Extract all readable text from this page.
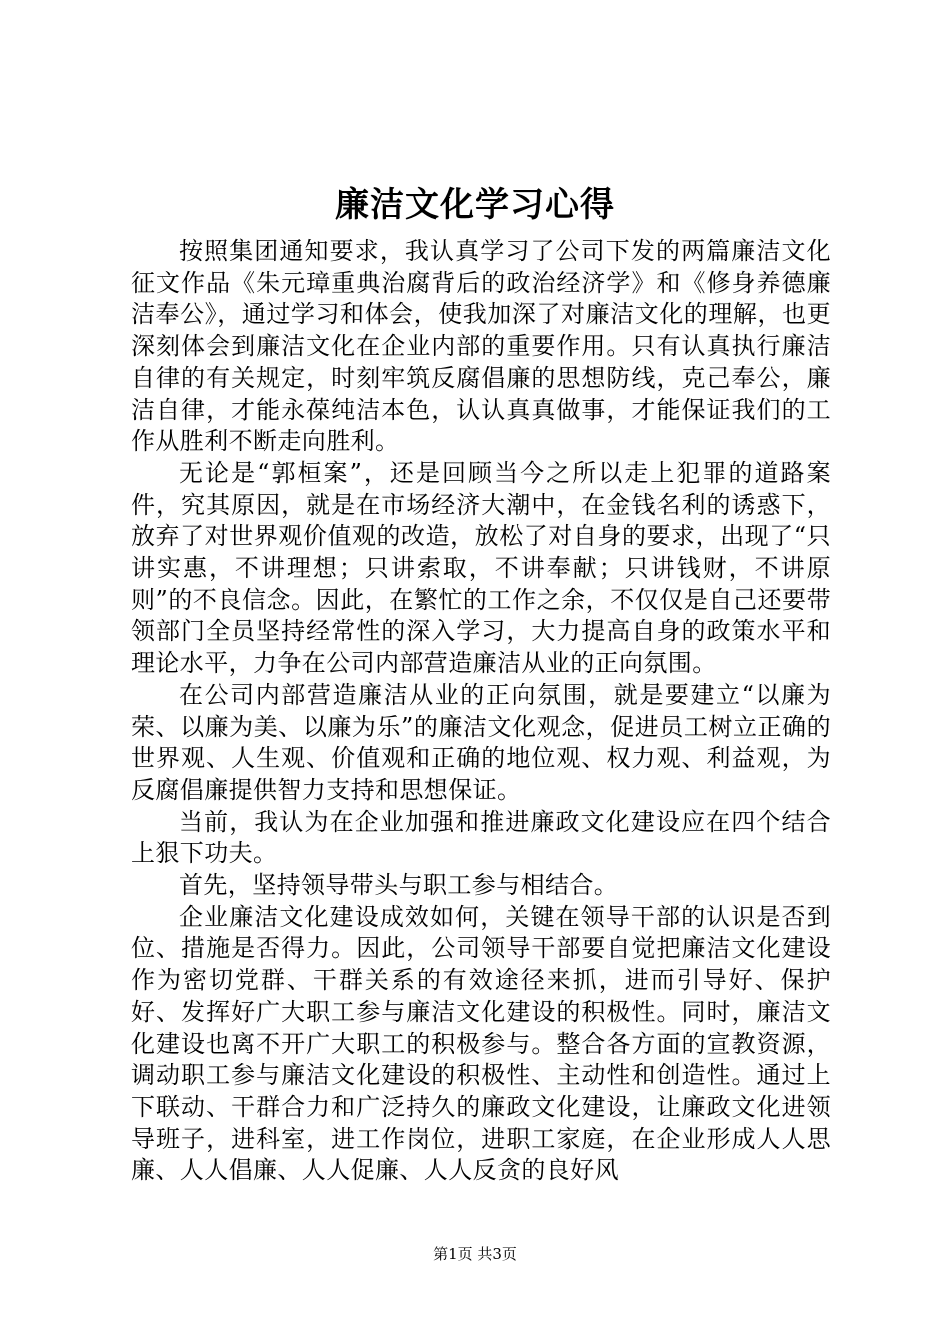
廉洁文化学习心得

按照集团通知要求，我认真学习了公司下发的两篇廉洁文化征文作品《朱元璋重典治腐背后的政治经济学》和《修身养德廉洁奉公》，通过学习和体会，使我加深了对廉洁文化的理解，也更深刻体会到廉洁文化在企业内部的重要作用。只有认真执行廉洁自律的有关规定，时刻牢筑反腐倡廉的思想防线，克己奉公，廉洁自律，才能永葆纯洁本色，认认真真做事，才能保证我们的工作从胜利不断走向胜利。

无论是“郭桓案”，还是回顾当今之所以走上犯罪的道路案件，究其原因，就是在市场经济大潮中，在金钱名利的诱惑下，放弃了对世界观价值观的改造，放松了对自身的要求，出现了“只讲实惠，不讲理想；只讲索取，不讲奉献；只讲钱财，不讲原则”的不良信念。因此，在繁忙的工作之余，不仅仅是自己还要带领部门全员坚持经常性的深入学习，大力提高自身的政策水平和理论水平，力争在公司内部营造廉洁从业的正向氛围。

在公司内部营造廉洁从业的正向氛围，就是要建立“以廉为荣、以廉为美、以廉为乐”的廉洁文化观念，促进员工树立正确的世界观、人生观、价值观和正确的地位观、权力观、利益观，为反腐倡廉提供智力支持和思想保证。

当前，我认为在企业加强和推进廉政文化建设应在四个结合上狠下功夫。

首先，坚持领导带头与职工参与相结合。

企业廉洁文化建设成效如何，关键在领导干部的认识是否到位、措施是否得力。因此，公司领导干部要自觉把廉洁文化建设作为密切党群、干群关系的有效途径来抓，进而引导好、保护好、发挥好广大职工参与廉洁文化建设的积极性。同时，廉洁文化建设也离不开广大职工的积极参与。整合各方面的宣教资源，调动职工参与廉洁文化建设的积极性、主动性和创造性。通过上下联动、干群合力和广泛持久的廉政文化建设，让廉政文化进领导班子，进科室，进工作岗位，进职工家庭，在企业形成人人思廉、人人倡廉、人人促廉、人人反贪的良好风

第1页 共3页
